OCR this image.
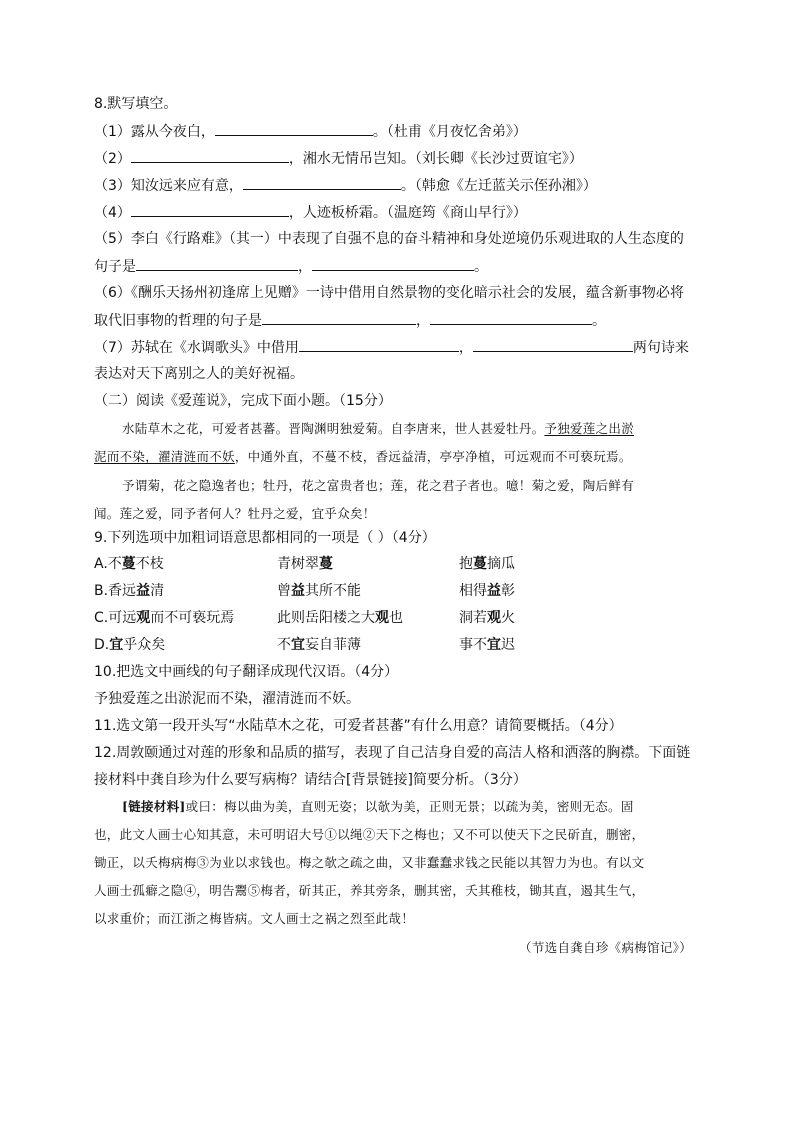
8.默写填空。
（1）露从今夜白，	。（杜甫《月夜忆舍弟》）
（2）	，湘水无情吊岂知。（刘长卿《长沙过贾谊宅》）
（3）知汝远来应有意，	。（韩愈《左迁蓝关示侄孙湘》）
（4）	，人迹板桥霜。（温庭筠《商山早行》）
（5）李白《行路难》（其一）中表现了自强不息的奋斗精神和身处逆境仍乐观进取的人生态度的
句子是	，	。
（6）《酬乐天扬州初逢席上见赠》一诗中借用自然景物的变化暗示社会的发展，蕴含新事物必将
取代旧事物的哲理的句子是	，	。
（7）苏轼在《水调歌头》中借用	，	两句诗来
表达对天下离别之人的美好祝福。
（二）阅读《爱莲说》，完成下面小题。（15分）
水陆草木之花，可爱者甚蕃。晋陶渊明独爱菊。自李唐来，世人甚爱牡丹。予独爱莲之出淤
泥而不染，濯清涟而不妖，中通外直，不蔓不枝，香远益清，亭亭净植，可远观而不可亵玩焉。
予谓菊，花之隐逸者也；牡丹，花之富贵者也；莲，花之君子者也。噫！菊之爱，陶后鲜有
闻。莲之爱，同予者何人？牡丹之爱，宜乎众矣！
9.下列选项中加粗词语意思都相同的一项是（ ）（4分）
A.不蔓不枝	青树翠蔓	抱蔓摘瓜
B.香远益清	曾益其所不能	相得益彰
C.可远观而不可亵玩焉	此则岳阳楼之大观也	洞若观火
D.宜乎众矣	不宜妄自菲薄	事不宜迟
10.把选文中画线的句子翻译成现代汉语。（4分）
予独爱莲之出淤泥而不染，濯清涟而不妖。
11.选文第一段开头写“水陆草木之花，可爱者甚蕃”有什么用意？请简要概括。（4分）
12.周敦颐通过对莲的形象和品质的描写，表现了自己洁身自爱的高洁人格和洒落的胸襟。下面链
接材料中龚自珍为什么要写病梅？请结合[背景链接]简要分析。（3分）
[链接材料]或曰：梅以曲为美，直则无姿；以欹为美，正则无景；以疏为美，密则无态。固
也，此文人画士心知其意，未可明诏大号①以绳②天下之梅也；又不可以使天下之民斫直，删密，
锄正，以夭梅病梅③为业以求钱也。梅之欹之疏之曲，又非蠢蠢求钱之民能以其智力为也。有以文
人画士孤癖之隐④，明告鬻⑤梅者，斫其正，养其旁条，删其密，夭其稚枝，锄其直，遏其生气，
以求重价；而江浙之梅皆病。文人画士之祸之烈至此哉！
（节选自龚自珍《病梅馆记》）
